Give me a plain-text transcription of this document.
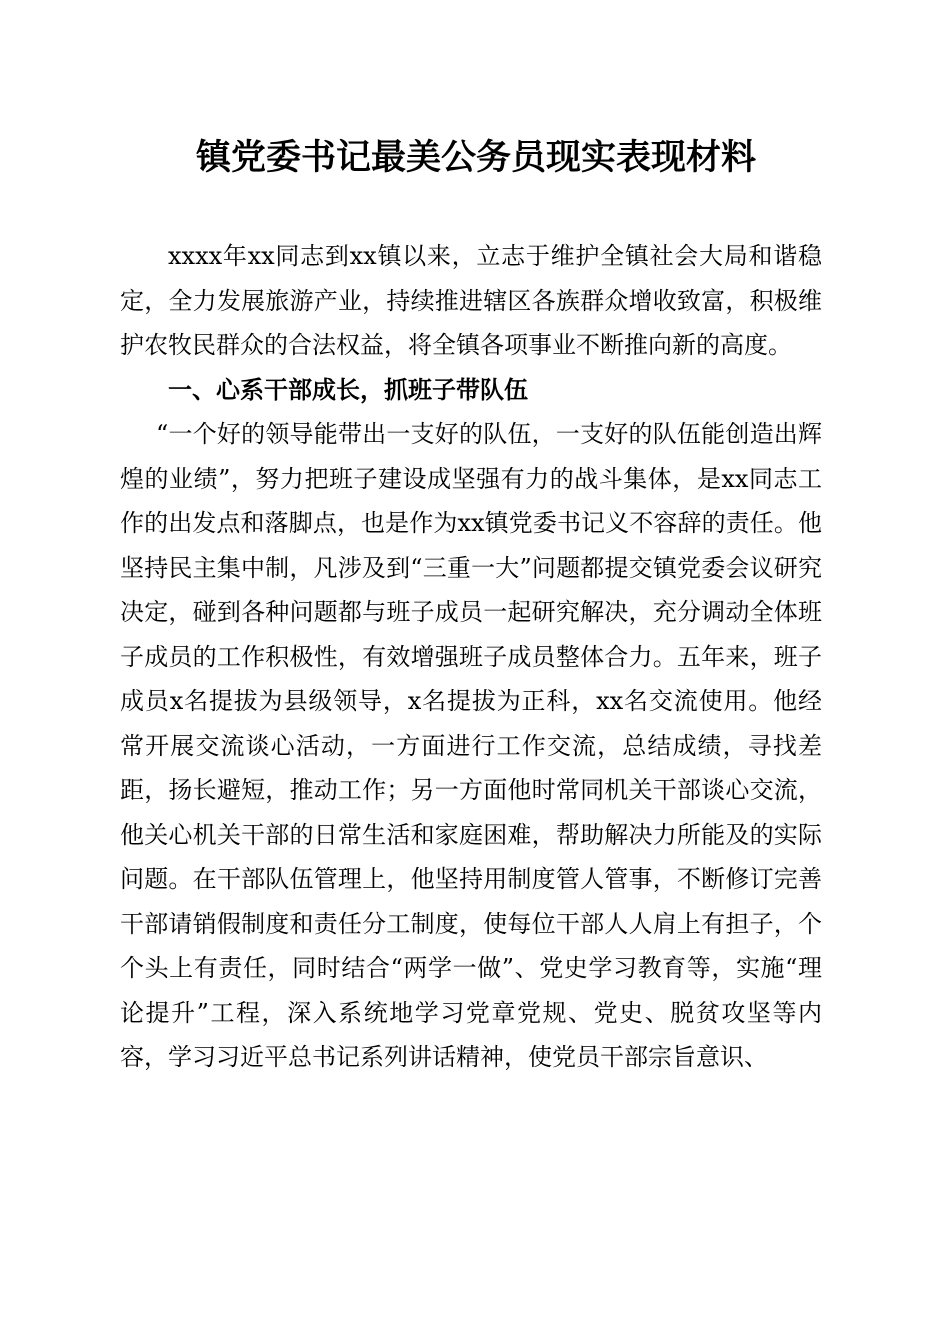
镇党委书记最美公务员现实表现材料

xxxx年xx同志到xx镇以来，立志于维护全镇社会大局和谐稳定，全力发展旅游产业，持续推进辖区各族群众增收致富，积极维护农牧民群众的合法权益，将全镇各项事业不断推向新的高度。

一、心系干部成长，抓班子带队伍

“一个好的领导能带出一支好的队伍，一支好的队伍能创造出辉煌的业绩”，努力把班子建设成坚强有力的战斗集体，是xx同志工作的出发点和落脚点，也是作为xx镇党委书记义不容辞的责任。他坚持民主集中制，凡涉及到“三重一大”问题都提交镇党委会议研究决定，碰到各种问题都与班子成员一起研究解决，充分调动全体班子成员的工作积极性，有效增强班子成员整体合力。五年来，班子成员x名提拔为县级领导，x名提拔为正科，xx名交流使用。他经常开展交流谈心活动，一方面进行工作交流，总结成绩，寻找差距，扬长避短，推动工作；另一方面他时常同机关干部谈心交流，他关心机关干部的日常生活和家庭困难，帮助解决力所能及的实际问题。在干部队伍管理上，他坚持用制度管人管事，不断修订完善干部请销假制度和责任分工制度，使每位干部人人肩上有担子，个个头上有责任，同时结合“两学一做”、党史学习教育等，实施“理论提升”工程，深入系统地学习党章党规、党史、脱贫攻坚等内容，学习习近平总书记系列讲话精神，使党员干部宗旨意识、
